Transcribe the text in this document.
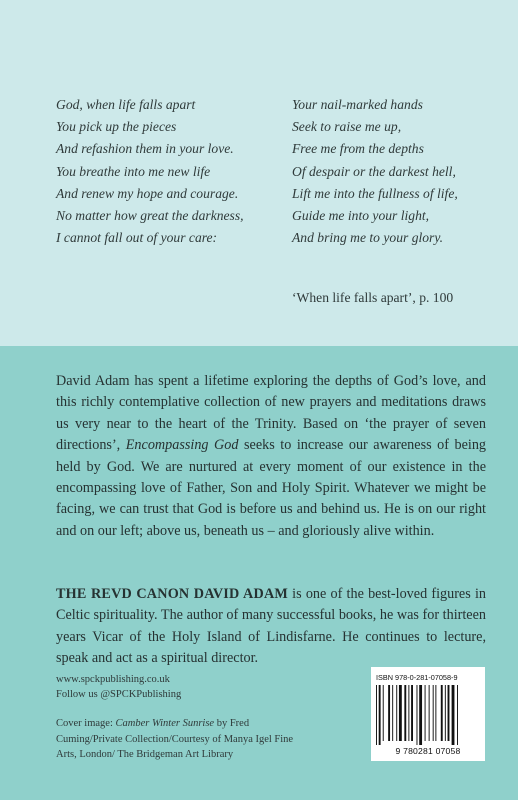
God, when life falls apart
You pick up the pieces
And refashion them in your love.
You breathe into me new life
And renew my hope and courage.
No matter how great the darkness,
I cannot fall out of your care:
Your nail-marked hands
Seek to raise me up,
Free me from the depths
Of despair or the darkest hell,
Lift me into the fullness of life,
Guide me into your light,
And bring me to your glory.
‘When life falls apart’, p. 100

David Adam has spent a lifetime exploring the depths of God’s love, and this richly contemplative collection of new prayers and meditations draws us very near to the heart of the Trinity. Based on ‘the prayer of seven directions’, Encompassing God seeks to increase our awareness of being held by God. We are nurtured at every moment of our existence in the encompassing love of Father, Son and Holy Spirit. Whatever we might be facing, we can trust that God is before us and behind us. He is on our right and on our left; above us, beneath us – and gloriously alive within.

THE REVD CANON DAVID ADAM is one of the best-loved figures in Celtic spirituality. The author of many successful books, he was for thirteen years Vicar of the Holy Island of Lindisfarne. He continues to lecture, speak and act as a spiritual director.

www.spckpublishing.co.uk
Follow us @SPCKPublishing
Cover image: Camber Winter Sunrise by Fred Cuming/Private Collection/Courtesy of Manya Igel Fine Arts, London/ The Bridgeman Art Library
ISBN 978-0-281-07058-9
9 780281 07058
